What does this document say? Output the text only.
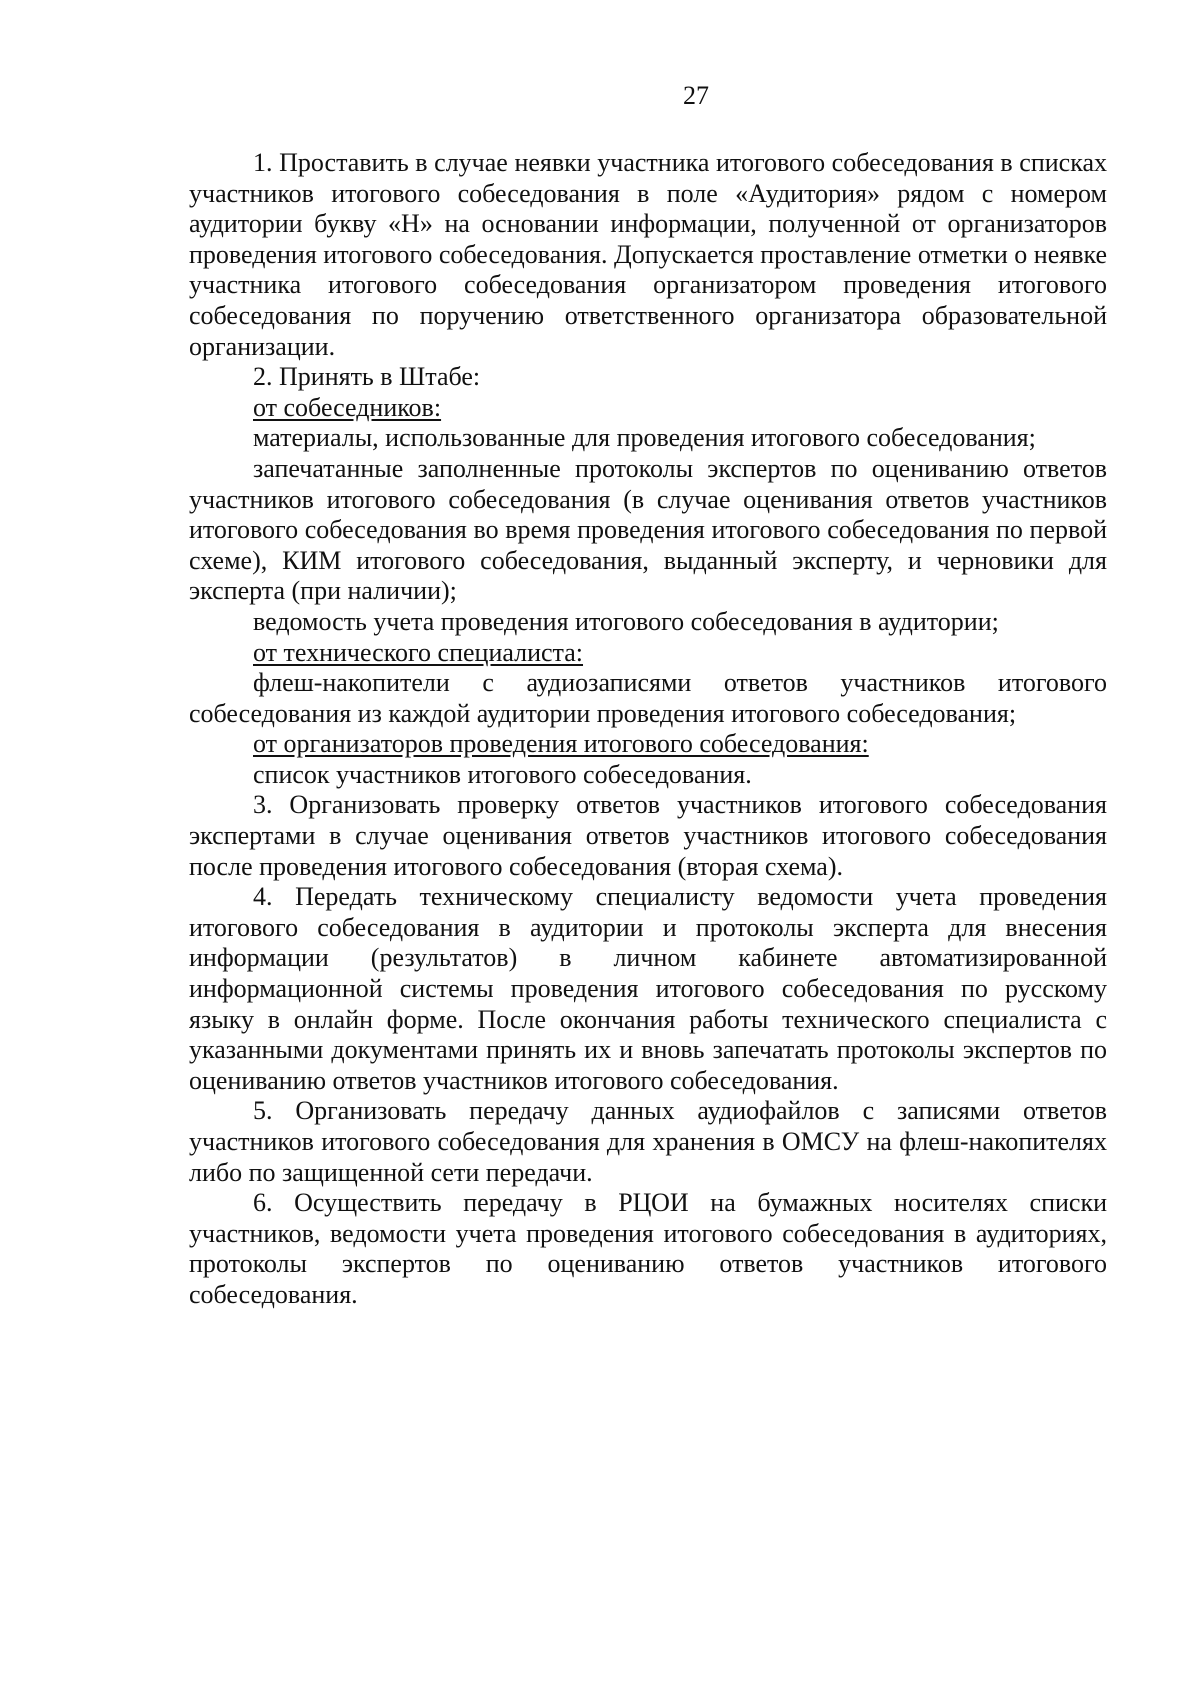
27

1. Проставить в случае неявки участника итогового собеседования в списках участников итогового собеседования в поле «Аудитория» рядом с номером аудитории букву «Н» на основании информации, полученной от организаторов проведения итогового собеседования. Допускается проставление отметки о неявке участника итогового собеседования организатором проведения итогового собеседования по поручению ответственного организатора образовательной организации.

2. Принять в Штабе:

от собеседников:

материалы, использованные для проведения итогового собеседования;

запечатанные заполненные протоколы экспертов по оцениванию ответов участников итогового собеседования (в случае оценивания ответов участников итогового собеседования во время проведения итогового собеседования по первой схеме), КИМ итогового собеседования, выданный эксперту, и черновики для эксперта (при наличии);

ведомость учета проведения итогового собеседования в аудитории;

от технического специалиста:

флеш-накопители с аудиозаписями ответов участников итогового собеседования из каждой аудитории проведения итогового собеседования;

от организаторов проведения итогового собеседования:

список участников итогового собеседования.

3. Организовать проверку ответов участников итогового собеседования экспертами в случае оценивания ответов участников итогового собеседования после проведения итогового собеседования (вторая схема).

4. Передать техническому специалисту ведомости учета проведения итогового собеседования в аудитории и протоколы эксперта для внесения информации (результатов) в личном кабинете автоматизированной информационной системы проведения итогового собеседования по русскому языку в онлайн форме. После окончания работы технического специалиста с указанными документами принять их и вновь запечатать протоколы экспертов по оцениванию ответов участников итогового собеседования.

5. Организовать передачу данных аудиофайлов с записями ответов участников итогового собеседования для хранения в ОМСУ на флеш-накопителях либо по защищенной сети передачи.

6. Осуществить передачу в РЦОИ на бумажных носителях списки участников, ведомости учета проведения итогового собеседования в аудиториях, протоколы экспертов по оцениванию ответов участников итогового собеседования.
